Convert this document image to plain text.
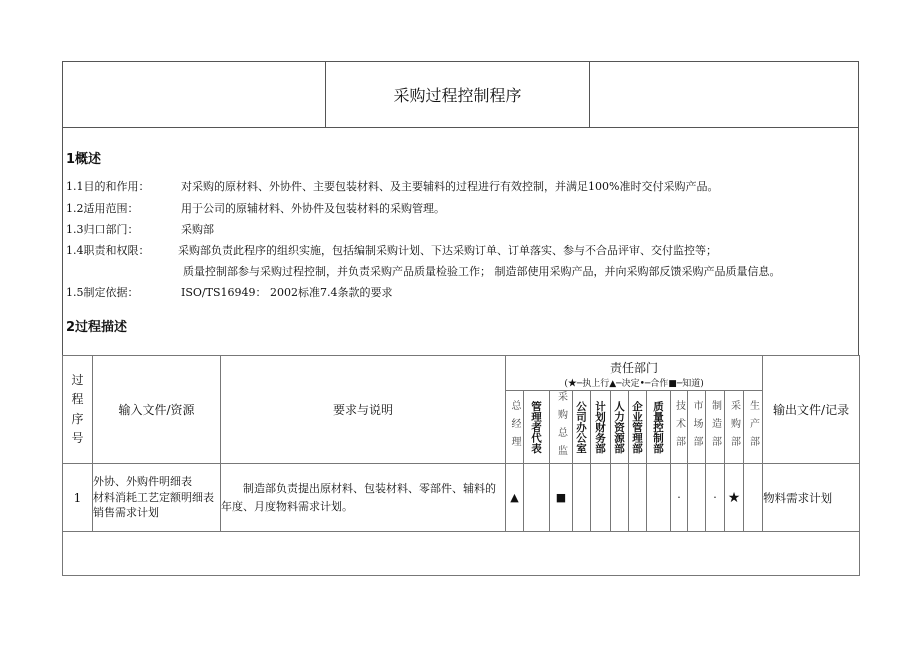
采购过程控制程序
1概述
1.1目的和作用：	对采购的原材料、外协件、主要包装材料、及主要辅料的过程进行有效控制，并满足100%准时交付采购产品。
1.2适用范围：	用于公司的原辅材料、外协件及包装材料的采购管理。
1.3归口部门：	采购部
1.4职责和权限：	采购部负责此程序的组织实施，包括编制采购计划、下达采购订单、订单落实、参与不合品评审、交付监控等；
质量控制部参与采购过程控制，并负责采购产品质量检验工作； 制造部使用采购产品，并向采购部反馈采购产品质量信息。
1.5制定依据：	ISO/TS16949： 2002标准7.4条款的要求
2过程描述
过程序号	输入文件/资源	要求与说明	责任部门
(★─执上行▲─决定•─合作■─知道)													输出文件/记录

			总经理	管理者代表	采购总监	公司办公室	计划财务部	人力资源部	企业管理部	质量控制部	技术部	市场部	制造部	采购部	生产部	

1	外协、外购件明细表
材料消耗工艺定额明细表
销售需求计划	制造部负责提出原材料、包装材料、零部件、辅料的年度、月度物料需求计划。	▲		■						·		·	★		物料需求计划
